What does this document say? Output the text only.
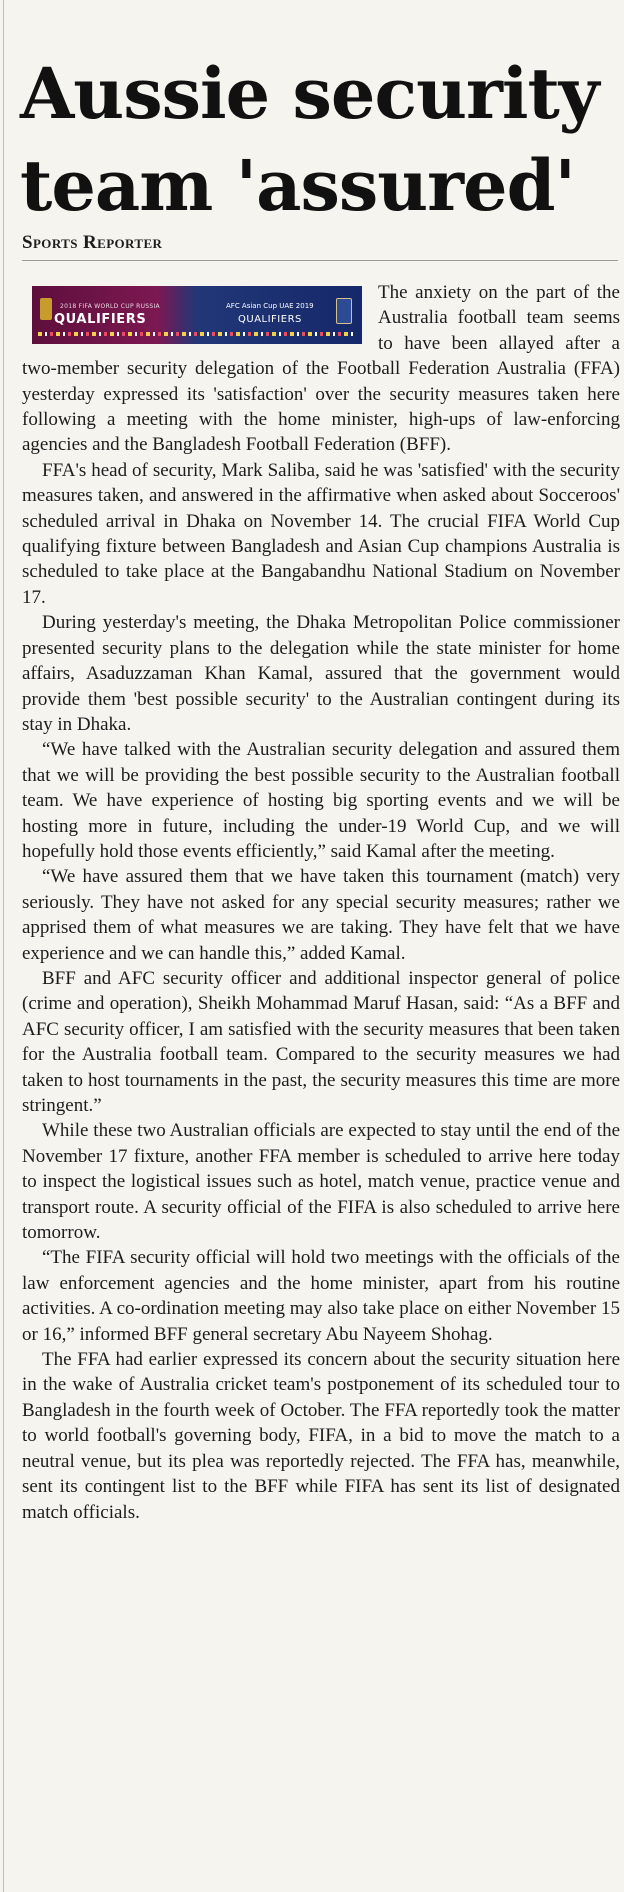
Aussie security
team 'assured'
Sports Reporter
2018 FIFA WORLD CUP RUSSIA
QUALIFIERS
AFC Asian Cup UAE 2019
QUALIFIERS

The anxiety on the part of the Australia football team seems to have been allayed after a two-member security delegation of the Football Federation Australia (FFA) yesterday expressed its 'satisfaction' over the security measures taken here following a meeting with the home minister, high-ups of law-enforcing agencies and the Bangladesh Football Federation (BFF).

FFA's head of security, Mark Saliba, said he was 'satisfied' with the security measures taken, and answered in the affirmative when asked about Socceroos' scheduled arrival in Dhaka on November 14. The crucial FIFA World Cup qualifying fixture between Bangladesh and Asian Cup champions Australia is scheduled to take place at the Bangabandhu National Stadium on November 17.

During yesterday's meeting, the Dhaka Metropolitan Police commissioner presented security plans to the delegation while the state minister for home affairs, Asaduzzaman Khan Kamal, assured that the government would provide them 'best possible security' to the Australian contingent during its stay in Dhaka.

“We have talked with the Australian security delegation and assured them that we will be providing the best possible security to the Australian football team. We have experience of hosting big sporting events and we will be hosting more in future, including the under-19 World Cup, and we will hopefully hold those events efficiently,” said Kamal after the meeting.

“We have assured them that we have taken this tournament (match) very seriously. They have not asked for any special security measures; rather we apprised them of what measures we are taking. They have felt that we have experience and we can handle this,” added Kamal.

BFF and AFC security officer and additional inspector general of police (crime and operation), Sheikh Mohammad Maruf Hasan, said: “As a BFF and AFC security officer, I am satisfied with the security measures that been taken for the Australia football team. Compared to the security measures we had taken to host tournaments in the past, the security measures this time are more stringent.”

While these two Australian officials are expected to stay until the end of the November 17 fixture, another FFA member is scheduled to arrive here today to inspect the logistical issues such as hotel, match venue, practice venue and transport route. A security official of the FIFA is also scheduled to arrive here tomorrow.

“The FIFA security official will hold two meetings with the officials of the law enforcement agencies and the home minister, apart from his routine activities. A co-ordination meeting may also take place on either November 15 or 16,” informed BFF general secretary Abu Nayeem Shohag.

The FFA had earlier expressed its concern about the security situation here in the wake of Australia cricket team's postponement of its scheduled tour to Bangladesh in the fourth week of October. The FFA reportedly took the matter to world football's governing body, FIFA, in a bid to move the match to a neutral venue, but its plea was reportedly rejected. The FFA has, meanwhile, sent its contingent list to the BFF while FIFA has sent its list of designated match officials.
